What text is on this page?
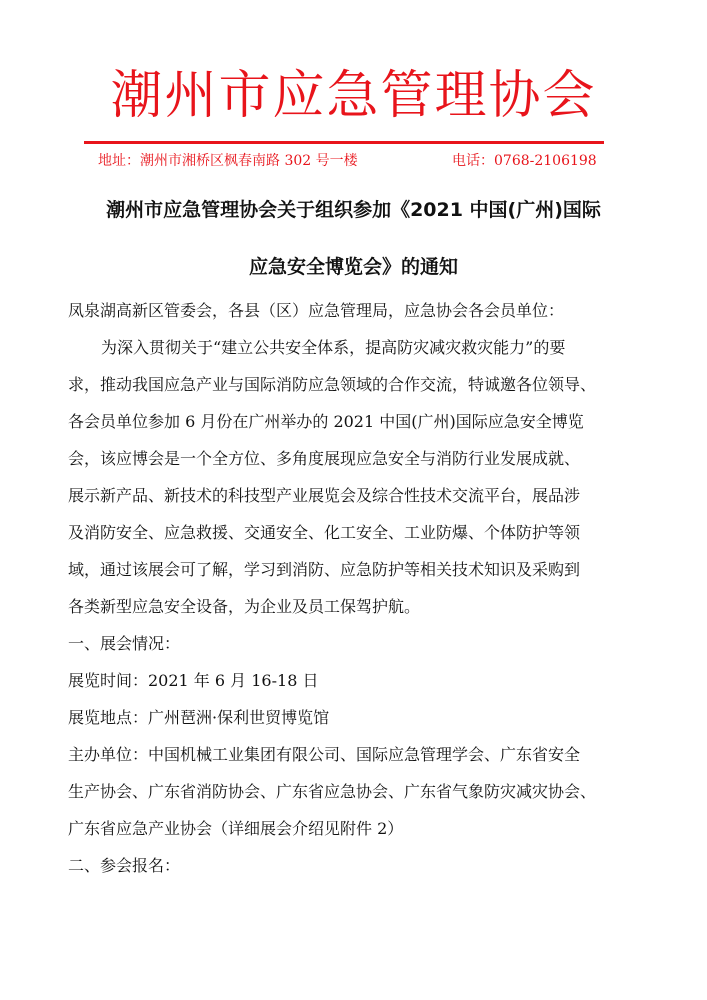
潮州市应急管理协会
地址：潮州市湘桥区枫春南路 302 号一楼	电话：0768-2106198
潮州市应急管理协会关于组织参加《2021 中国(广州)国际
应急安全博览会》的通知
凤泉湖高新区管委会，各县（区）应急管理局，应急协会各会员单位：
为深入贯彻关于“建立公共安全体系，提高防灾减灾救灾能力”的要
求，推动我国应急产业与国际消防应急领域的合作交流，特诚邀各位领导、
各会员单位参加 6 月份在广州举办的 2021 中国(广州)国际应急安全博览
会，该应博会是一个全方位、多角度展现应急安全与消防行业发展成就、
展示新产品、新技术的科技型产业展览会及综合性技术交流平台，展品涉
及消防安全、应急救援、交通安全、化工安全、工业防爆、个体防护等领
域，通过该展会可了解，学习到消防、应急防护等相关技术知识及采购到
各类新型应急安全设备，为企业及员工保驾护航。
一、展会情况：
展览时间：2021 年 6 月 16-18 日
展览地点：广州琶洲·保利世贸博览馆
主办单位：中国机械工业集团有限公司、国际应急管理学会、广东省安全
生产协会、广东省消防协会、广东省应急协会、广东省气象防灾减灾协会、
广东省应急产业协会（详细展会介绍见附件 2）
二、参会报名：
